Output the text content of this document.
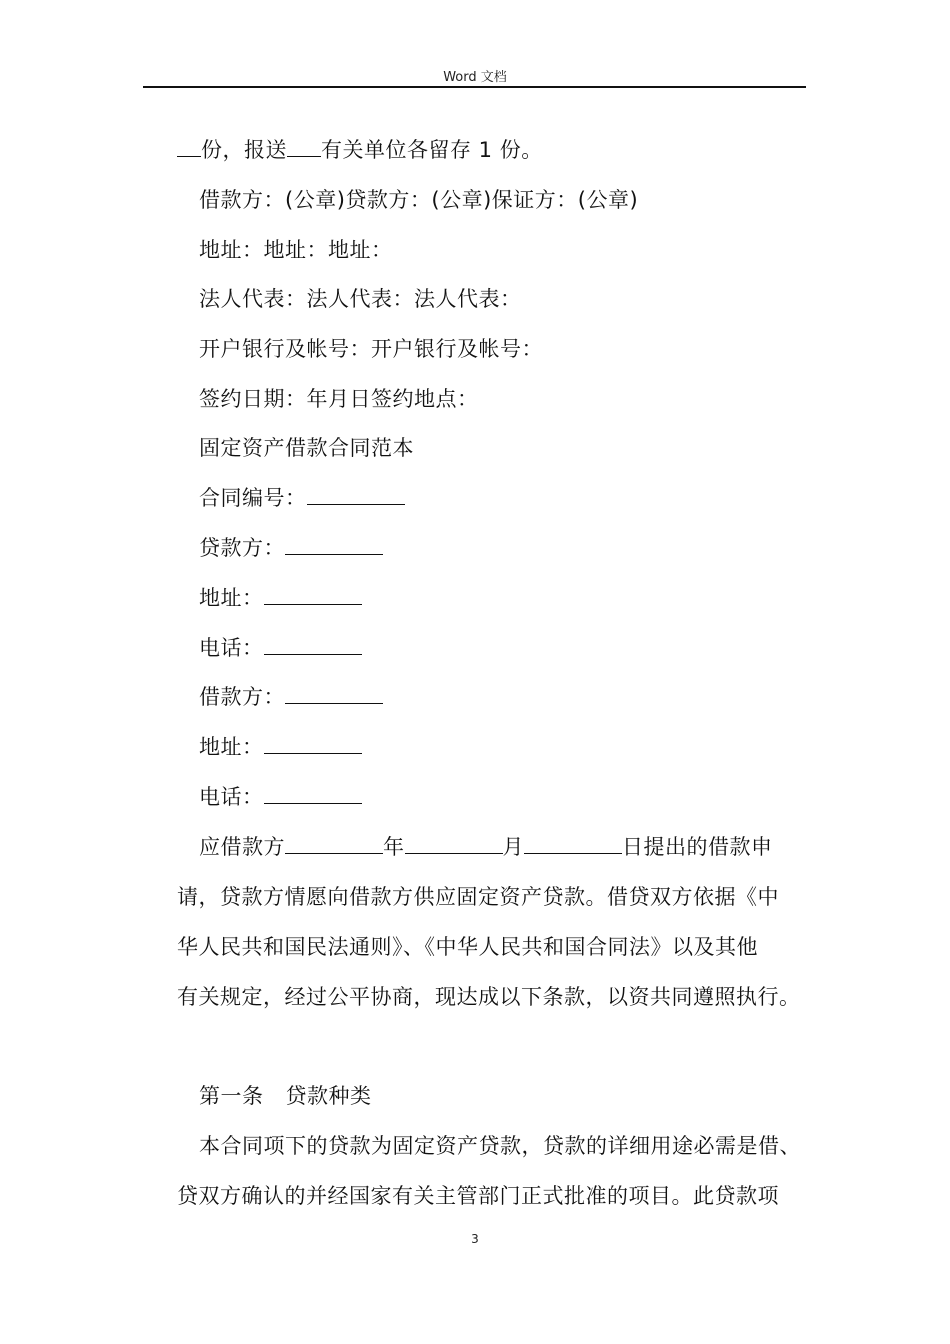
Word 文档
份，报送 有关单位各留存 1 份。
借款方：(公章)贷款方：(公章)保证方：(公章)
地址：地址：地址：
法人代表：法人代表：法人代表：
开户银行及帐号：开户银行及帐号：
签约日期：年月日签约地点：
固定资产借款合同范本
合同编号：
贷款方：
地址：
电话：
借款方：
地址：
电话：
应借款方	年	月	日提出的借款申
请，贷款方情愿向借款方供应固定资产贷款。借贷双方依据《中
华人民共和国民法通则》、《中华人民共和国合同法》以及其他
有关规定，经过公平协商，现达成以下条款，以资共同遵照执行。
第一条 贷款种类
本合同项下的贷款为固定资产贷款，贷款的详细用途必需是借、
贷双方确认的并经国家有关主管部门正式批准的项目。此贷款项
3
